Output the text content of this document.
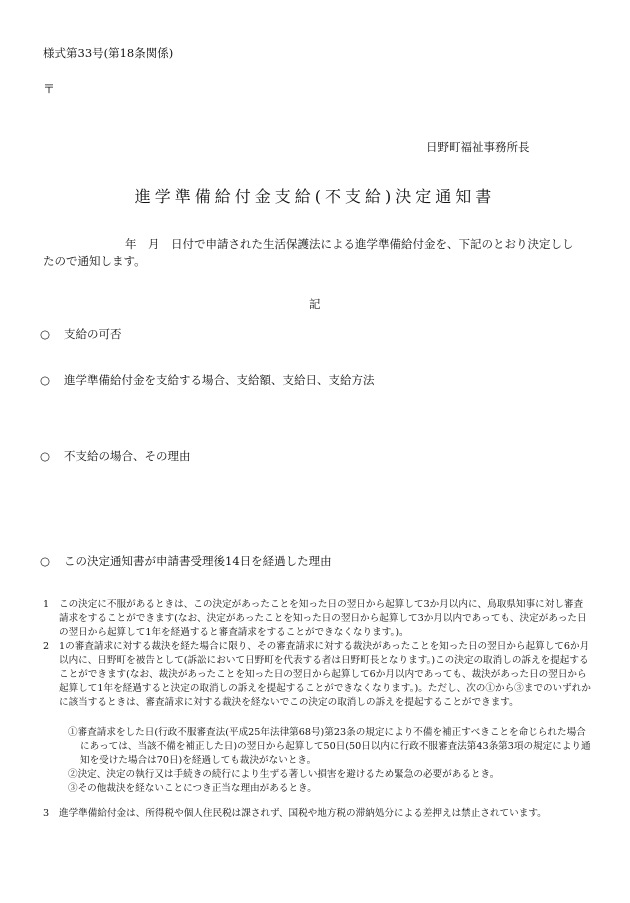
様式第33号(第18条関係)
〒
日野町福祉事務所長
進学準備給付金支給(不支給)決定通知書
年　月　日付で申請された生活保護法による進学準備給付金を、下記のとおり決定しし
たので通知します。
記
○ 支給の可否
○ 進学準備給付金を支給する場合、支給額、支給日、支給方法
○ 不支給の場合、その理由
○ この決定通知書が申請書受理後14日を経過した理由
1 この決定に不服があるときは、この決定があったことを知った日の翌日から起算して3か月以内に、鳥取県知事に対し審査請求をすることができます(なお、決定があったことを知った日の翌日から起算して3か月以内であっても、決定があった日の翌日から起算して1年を経過すると審査請求をすることができなくなります。)。
2 1の審査請求に対する裁決を経た場合に限り、その審査請求に対する裁決があったことを知った日の翌日から起算して6か月以内に、日野町を被告として(訴訟において日野町を代表する者は日野町長となります。)この決定の取消しの訴えを提起することができます(なお、裁決があったことを知った日の翌日から起算して6か月以内であっても、裁決があった日の翌日から起算して1年を経過すると決定の取消しの訴えを提起することができなくなります。)。ただし、次の①から③までのいずれかに該当するときは、審査請求に対する裁決を経ないでこの決定の取消しの訴えを提起することができます。
①審査請求をした日(行政不服審査法(平成25年法律第68号)第23条の規定により不備を補正すべきことを命じられた場合にあっては、当該不備を補正した日)の翌日から起算して50日(50日以内に行政不服審査法第43条第3項の規定により通知を受けた場合は70日)を経過しても裁決がないとき。
②決定、決定の執行又は手続きの続行により生ずる著しい損害を避けるため緊急の必要があるとき。
③その他裁決を経ないことにつき正当な理由があるとき。
3 進学準備給付金は、所得税や個人住民税は課されず、国税や地方税の滞納処分による差押えは禁止されています。
